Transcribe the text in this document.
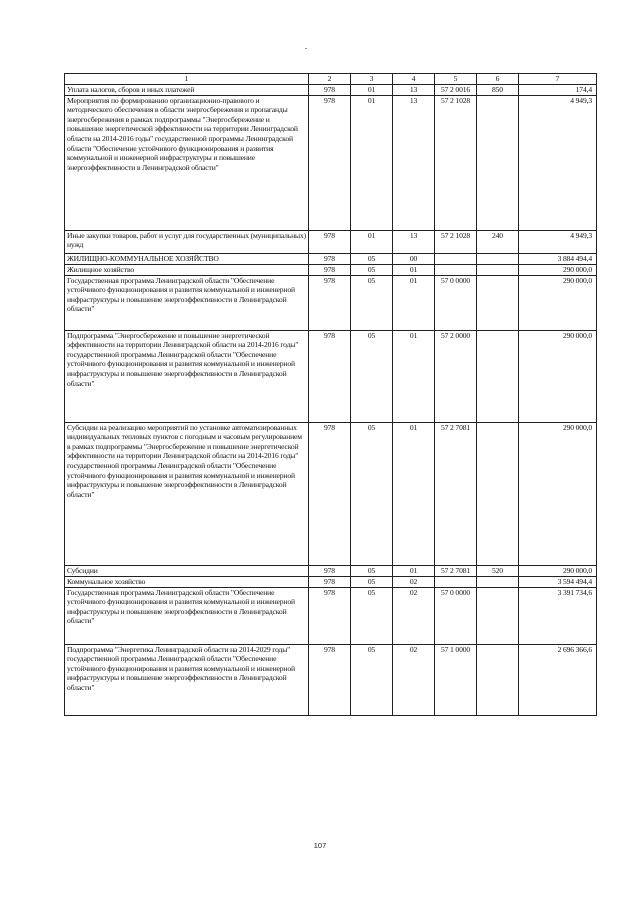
1	2	3	4	5	6	7
Уплата налогов, сборов и иных платежей	978	01	13	57 2 0016	850	174,4
Мероприятия по формированию организационно-правового и методического обеспечения в области энергосбережения и пропаганды энергосбережения в рамках подпрограммы "Энергосбережение и повышение энергетической эффективности на территории Ленинградской области на 2014-2016 годы" государственной программы Ленинградской области "Обеспечение устойчивого функционирования и развития коммунальной и инженерной инфраструктуры и повышение энергоэффективности в Ленинградской области"	978	01	13	57 2 1028		4 949,3
Иные закупки товаров, работ и услуг для государственных (муниципальных) нужд	978	01	13	57 2 1028	240	4 949,3
ЖИЛИЩНО-КОММУНАЛЬНОЕ ХОЗЯЙСТВО	978	05	00			3 884 494,4
Жилищное хозяйство	978	05	01			290 000,0
Государственная программа Ленинградской области "Обеспечение устойчивого функционирования и развития коммунальной и инженерной инфраструктуры и повышение энергоэффективности в Ленинградской области"	978	05	01	57 0 0000		290 000,0
Подпрограмма "Энергосбережение и повышение энергетической эффективности на территории Ленинградской области на 2014-2016 годы" государственной программы Ленинградской области "Обеспечение устойчивого функционирования и развития коммунальной и инженерной инфраструктуры и повышение энергоэффективности в Ленинградской области"	978	05	01	57 2 0000		290 000,0
Субсидии на реализацию мероприятий по установке автоматизированных индивидуальных тепловых пунктов с погодным и часовым регулированием в рамках подпрограммы "Энергосбережение и повышение энергетической эффективности на территории Ленинградской области на 2014-2016 годы" государственной программы Ленинградской области "Обеспечение устойчивого функционирования и развития коммунальной и инженерной инфраструктуры и повышение энергоэффективности в Ленинградской области"	978	05	01	57 2 7081		290 000,0
Субсидии	978	05	01	57 2 7081	520	290 000,0
Коммунальное хозяйство	978	05	02			3 594 494,4
Государственная программа Ленинградской области "Обеспечение устойчивого функционирования и развития коммунальной и инженерной инфраструктуры и повышение энергоэффективности в Ленинградской области"	978	05	02	57 0 0000		3 391 734,6
Подпрограмма "Энергетика Ленинградской области на 2014-2029 годы" государственной программы Ленинградской области "Обеспечение устойчивого функционирования и развития коммунальной и инженерной инфраструктуры и повышение энергоэффективности в Ленинградской области"	978	05	02	57 1 0000		2 696 366,6
107
